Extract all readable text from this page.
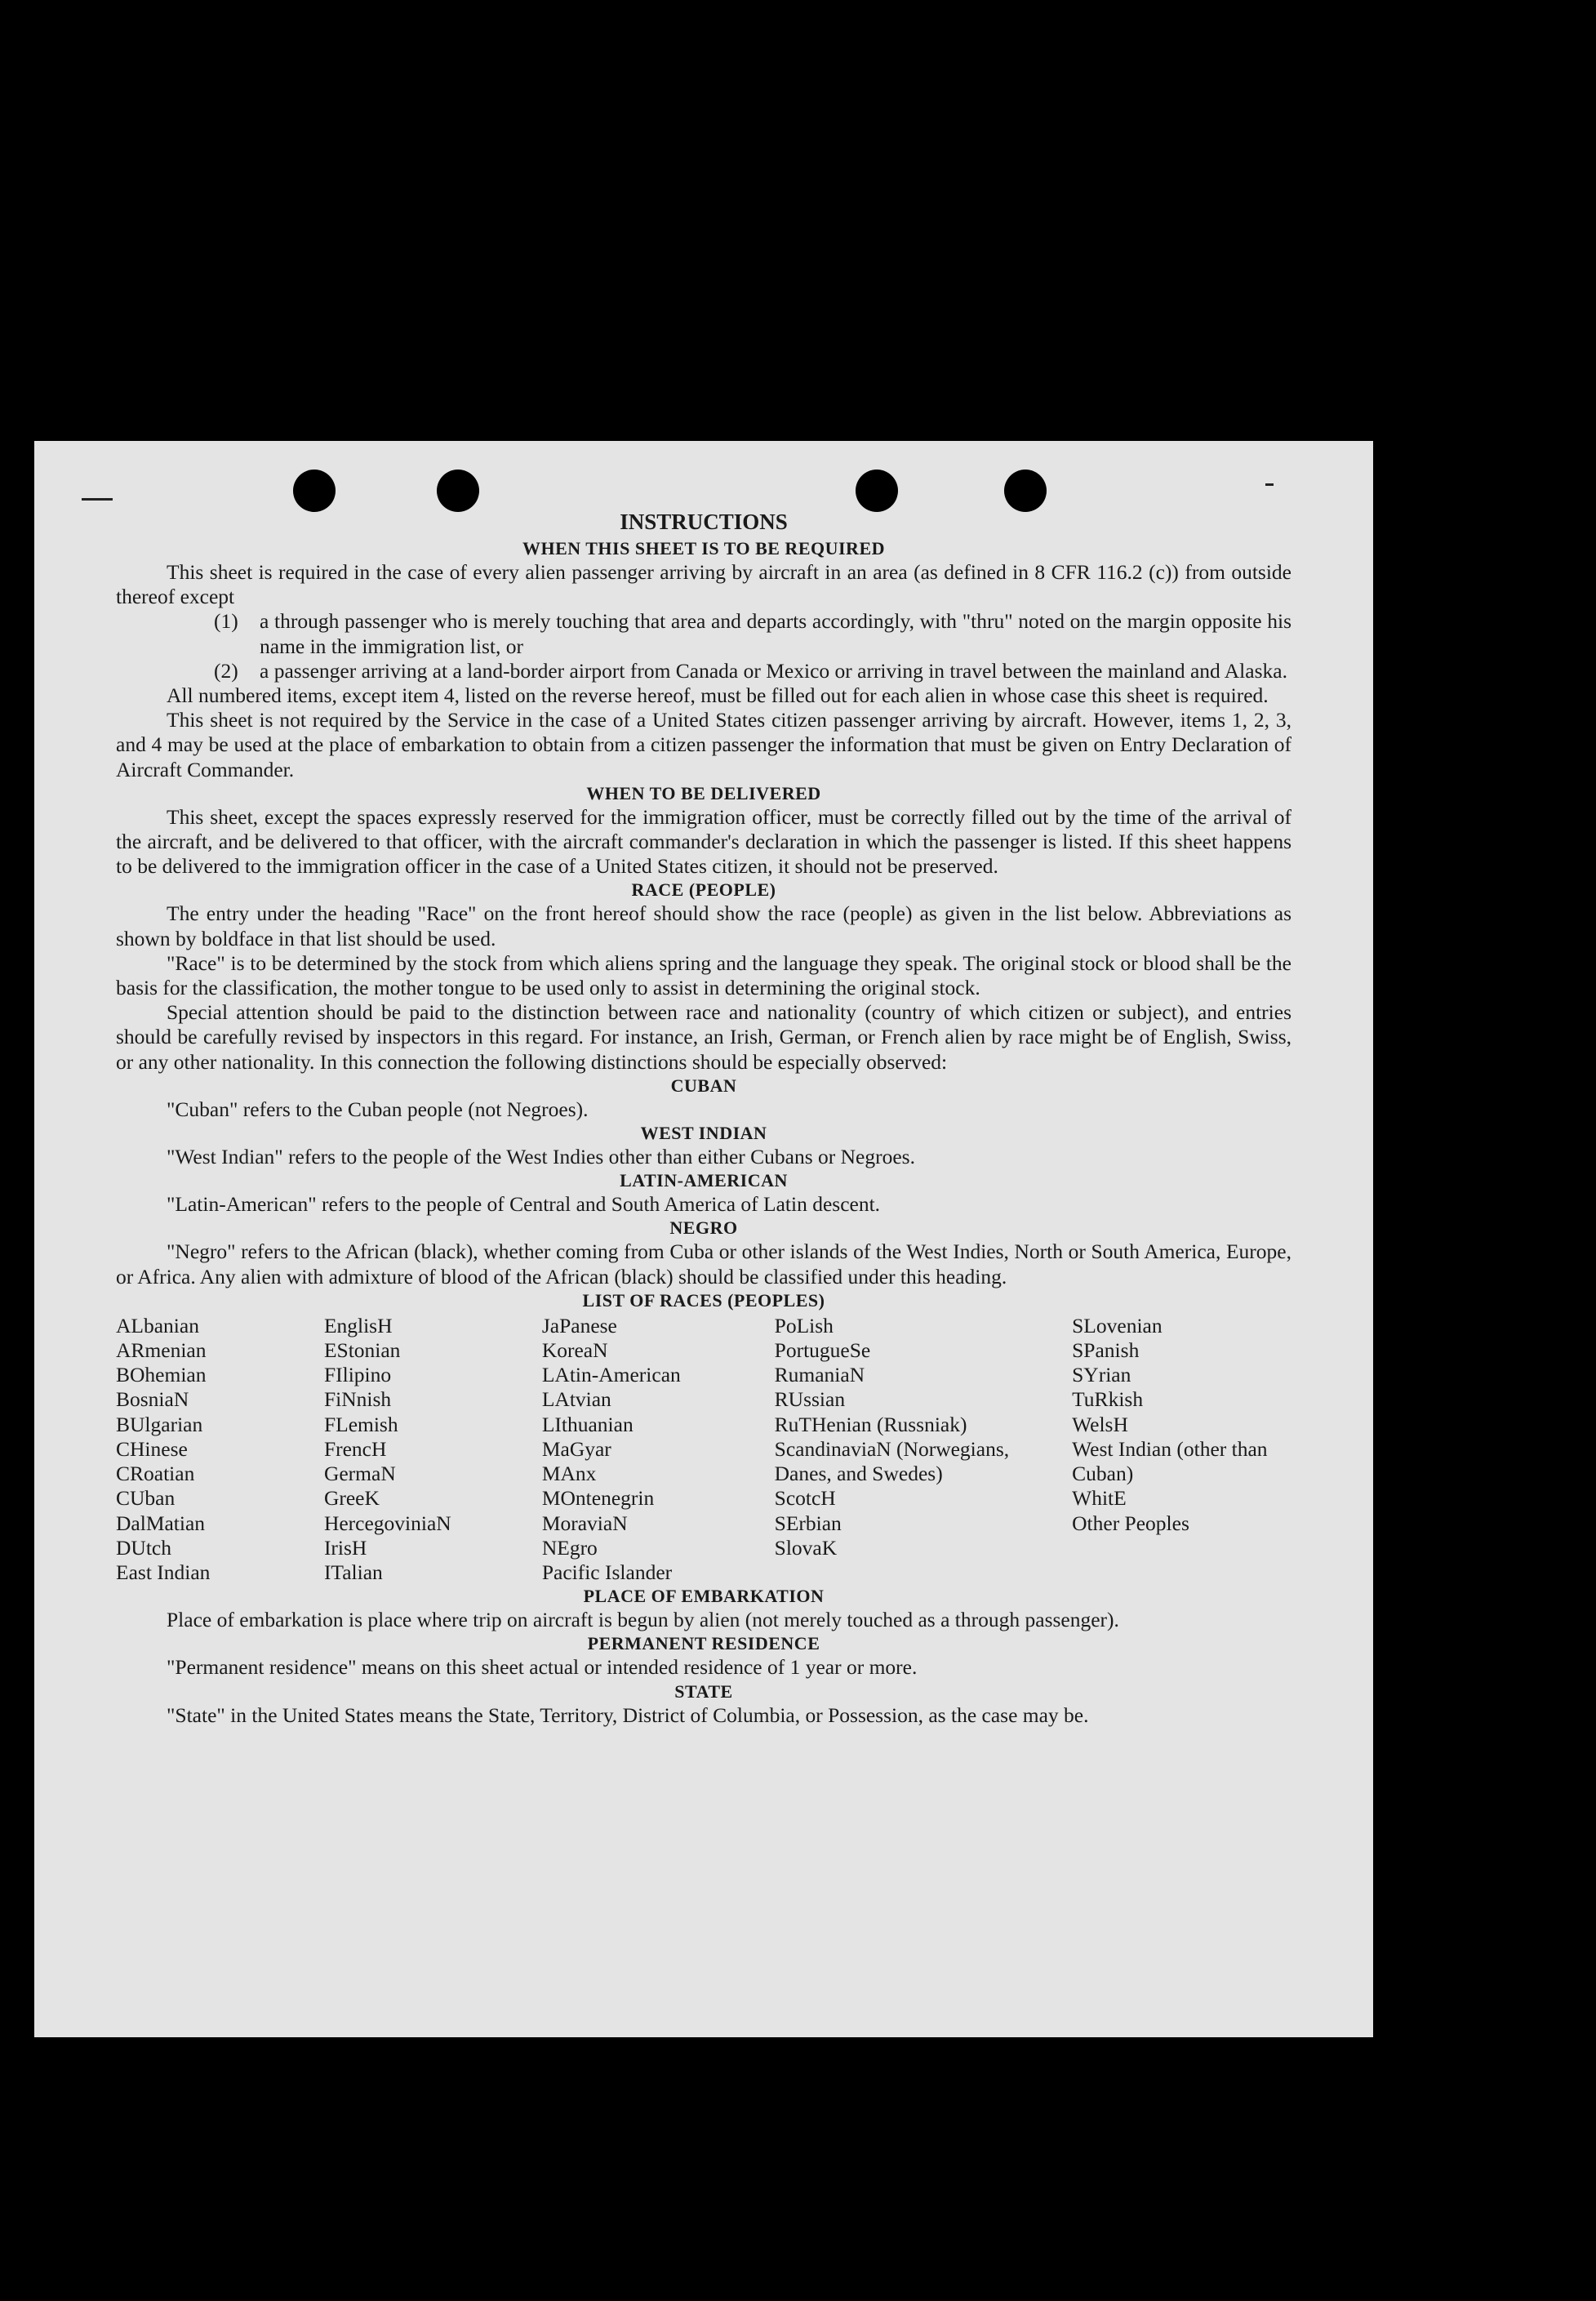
INSTRUCTIONS
WHEN THIS SHEET IS TO BE REQUIRED

This sheet is required in the case of every alien passenger arriving by aircraft in an area (as defined in 8 CFR 116.2 (c)) from outside thereof except

(1) a through passenger who is merely touching that area and departs accordingly, with "thru" noted on the margin opposite his name in the immigration list, or
(2) a passenger arriving at a land-border airport from Canada or Mexico or arriving in travel between the mainland and Alaska.

All numbered items, except item 4, listed on the reverse hereof, must be filled out for each alien in whose case this sheet is required.

This sheet is not required by the Service in the case of a United States citizen passenger arriving by aircraft. However, items 1, 2, 3, and 4 may be used at the place of embarkation to obtain from a citizen passenger the information that must be given on Entry Declaration of Aircraft Commander.

WHEN TO BE DELIVERED

This sheet, except the spaces expressly reserved for the immigration officer, must be correctly filled out by the time of the arrival of the aircraft, and be delivered to that officer, with the aircraft commander's declaration in which the passenger is listed. If this sheet happens to be delivered to the immigration officer in the case of a United States citizen, it should not be preserved.

RACE (PEOPLE)

The entry under the heading "Race" on the front hereof should show the race (people) as given in the list below. Abbreviations as shown by boldface in that list should be used.

"Race" is to be determined by the stock from which aliens spring and the language they speak. The original stock or blood shall be the basis for the classification, the mother tongue to be used only to assist in determining the original stock.

Special attention should be paid to the distinction between race and nationality (country of which citizen or subject), and entries should be carefully revised by inspectors in this regard. For instance, an Irish, German, or French alien by race might be of English, Swiss, or any other nationality. In this connection the following distinctions should be especially observed:

CUBAN

"Cuban" refers to the Cuban people (not Negroes).

WEST INDIAN

"West Indian" refers to the people of the West Indies other than either Cubans or Negroes.

LATIN-AMERICAN

"Latin-American" refers to the people of Central and South America of Latin descent.

NEGRO

"Negro" refers to the African (black), whether coming from Cuba or other islands of the West Indies, North or South America, Europe, or Africa. Any alien with admixture of blood of the African (black) should be classified under this heading.

LIST OF RACES (PEOPLES)
ALbanian
ARmenian
BOhemian
BosniaN
BUlgarian
CHinese
CRoatian
CUban
DalMatian
DUtch
East Indian
EnglisH
EStonian
FIlipino
FiNnish
FLemish
FrencH
GermaN
GreeK
HercegoviniaN
IrisH
ITalian
JaPanese
KoreaN
LAtin-American
LAtvian
LIthuanian
MaGyar
MAnx
MOntenegrin
MoraviaN
NEgro
Pacific Islander
PoLish
PortugueSe
RumaniaN
RUssian
RuTHenian (Russniak)
ScandinaviaN (Norwegians, Danes, and Swedes)
ScotcH
SErbian
SlovaK
SLovenian
SPanish
SYrian
TuRkish
WelsH
West Indian (other than Cuban)
WhitE
Other Peoples
PLACE OF EMBARKATION

Place of embarkation is place where trip on aircraft is begun by alien (not merely touched as a through passenger).

PERMANENT RESIDENCE

"Permanent residence" means on this sheet actual or intended residence of 1 year or more.

STATE

"State" in the United States means the State, Territory, District of Columbia, or Possession, as the case may be.
